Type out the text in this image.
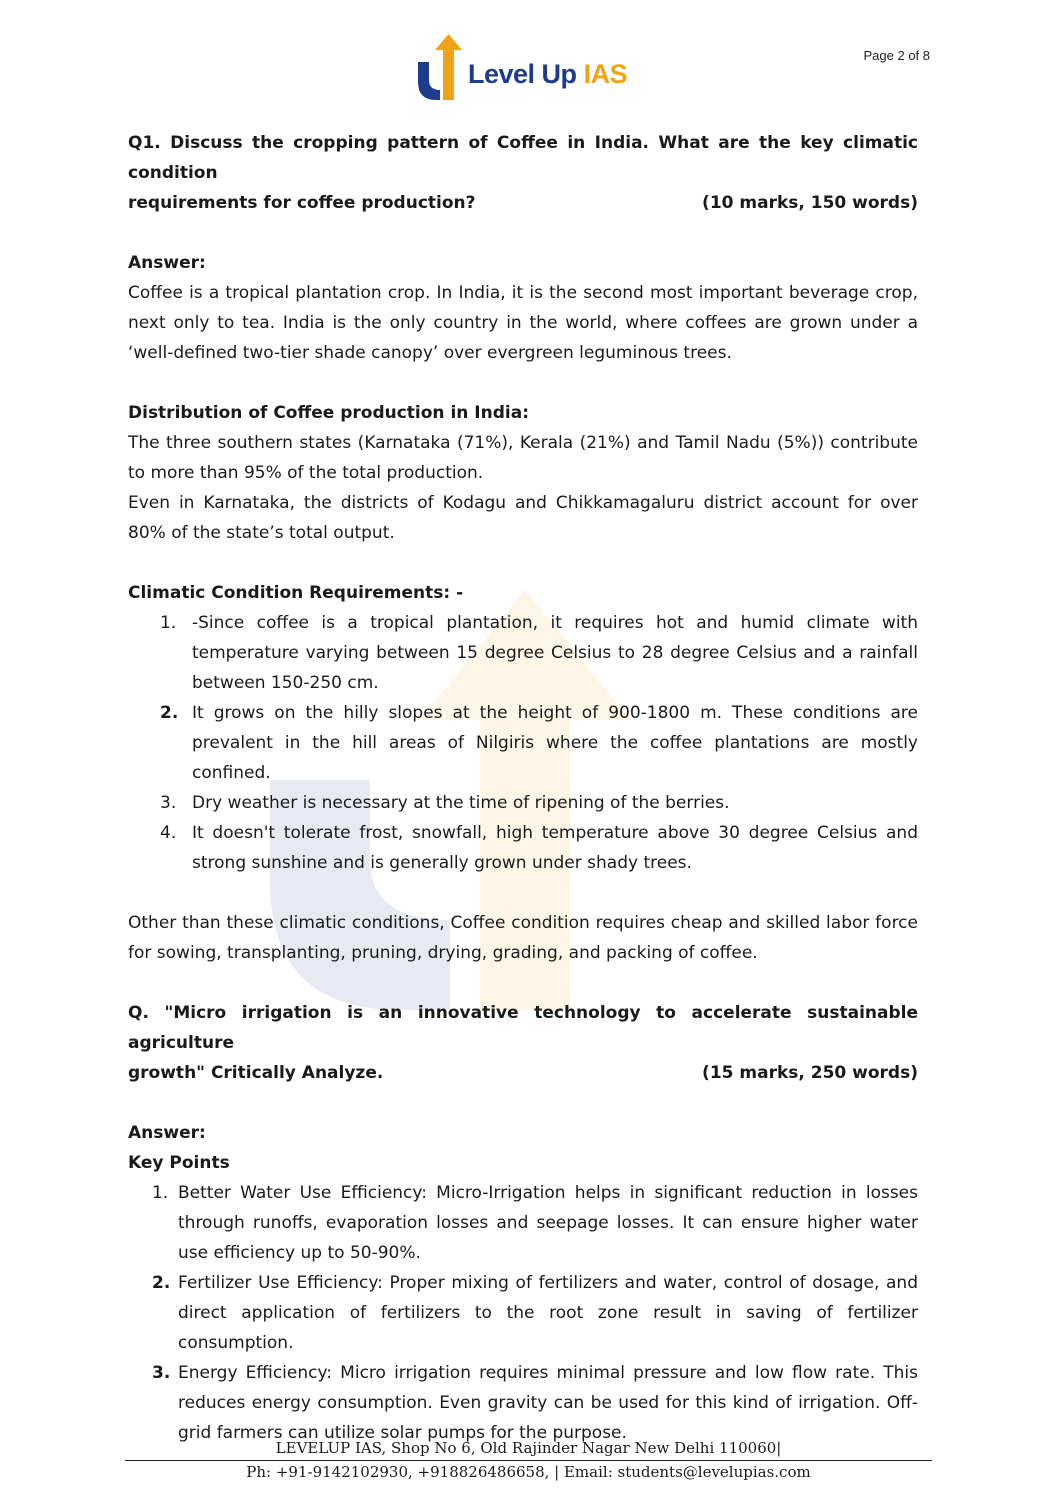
Page 2 of 8
Level Up IAS

Q1. Discuss the cropping pattern of Coffee in India. What are the key climatic condition

requirements for coffee production?	(10 marks, 150 words)

Answer:

Coffee is a tropical plantation crop. In India, it is the second most important beverage crop, next only to tea. India is the only country in the world, where coffees are grown under a ‘well-defined two-tier shade canopy’ over evergreen leguminous trees.

Distribution of Coffee production in India:

The three southern states (Karnataka (71%), Kerala (21%) and Tamil Nadu (5%)) contribute to more than 95% of the total production.

Even in Karnataka, the districts of Kodagu and Chikkamagaluru district account for over 80% of the state’s total output.

Climatic Condition Requirements: -

1. -Since coffee is a tropical plantation, it requires hot and humid climate with temperature varying between 15 degree Celsius to 28 degree Celsius and a rainfall between 150-250 cm.
2. It grows on the hilly slopes at the height of 900-1800 m. These conditions are prevalent in the hill areas of Nilgiris where the coffee plantations are mostly confined.
3. Dry weather is necessary at the time of ripening of the berries.
4. It doesn't tolerate frost, snowfall, high temperature above 30 degree Celsius and strong sunshine and is generally grown under shady trees.

Other than these climatic conditions, Coffee condition requires cheap and skilled labor force for sowing, transplanting, pruning, drying, grading, and packing of coffee.

Q. "Micro irrigation is an innovative technology to accelerate sustainable agriculture

growth" Critically Analyze.	(15 marks, 250 words)

Answer:

Key Points

1. Better Water Use Efficiency: Micro-Irrigation helps in significant reduction in losses through runoffs, evaporation losses and seepage losses. It can ensure higher water use efficiency up to 50-90%.
2. Fertilizer Use Efficiency: Proper mixing of fertilizers and water, control of dosage, and direct application of fertilizers to the root zone result in saving of fertilizer consumption.
3. Energy Efficiency: Micro irrigation requires minimal pressure and low flow rate. This reduces energy consumption. Even gravity can be used for this kind of irrigation. Off-grid farmers can utilize solar pumps for the purpose.
LEVELUP IAS, Shop No 6, Old Rajinder Nagar New Delhi 110060|
Ph: +91-9142102930, +918826486658, | Email: students@levelupias.com
